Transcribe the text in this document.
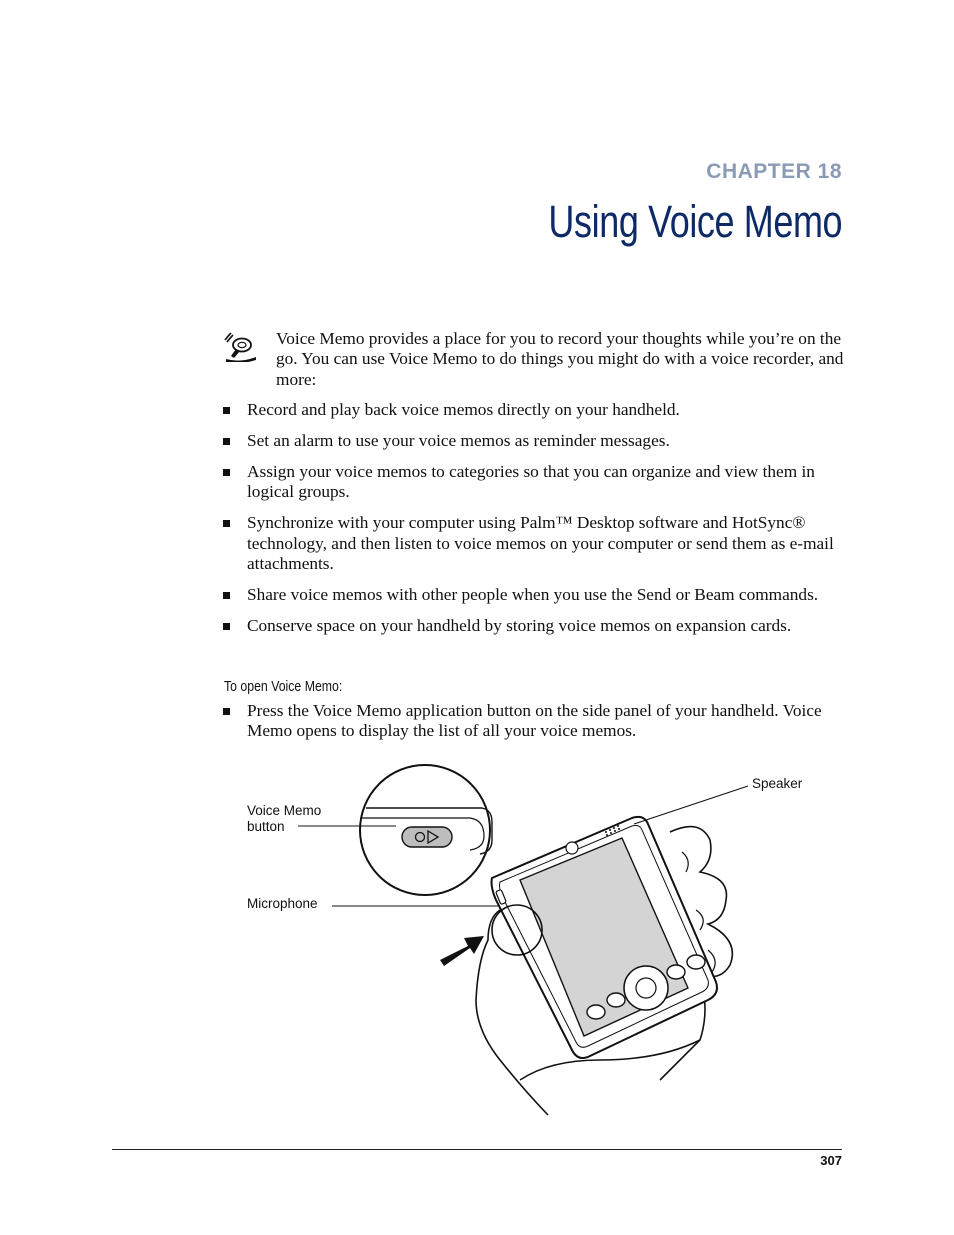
CHAPTER 18
Using Voice Memo
Voice Memo provides a place for you to record your thoughts while you’re on the go. You can use Voice Memo to do things you might do with a voice recorder, and more:
Record and play back voice memos directly on your handheld.
Set an alarm to use your voice memos as reminder messages.
Assign your voice memos to categories so that you can organize and view them in logical groups.
Synchronize with your computer using Palm™ Desktop software and HotSync® technology, and then listen to voice memos on your computer or send them as e-mail attachments.
Share voice memos with other people when you use the Send or Beam commands.
Conserve space on your handheld by storing voice memos on expansion cards.
To open Voice Memo:
Press the Voice Memo application button on the side panel of your handheld. Voice Memo opens to display the list of all your voice memos.
Voice Memo
button
Microphone
Speaker
307
